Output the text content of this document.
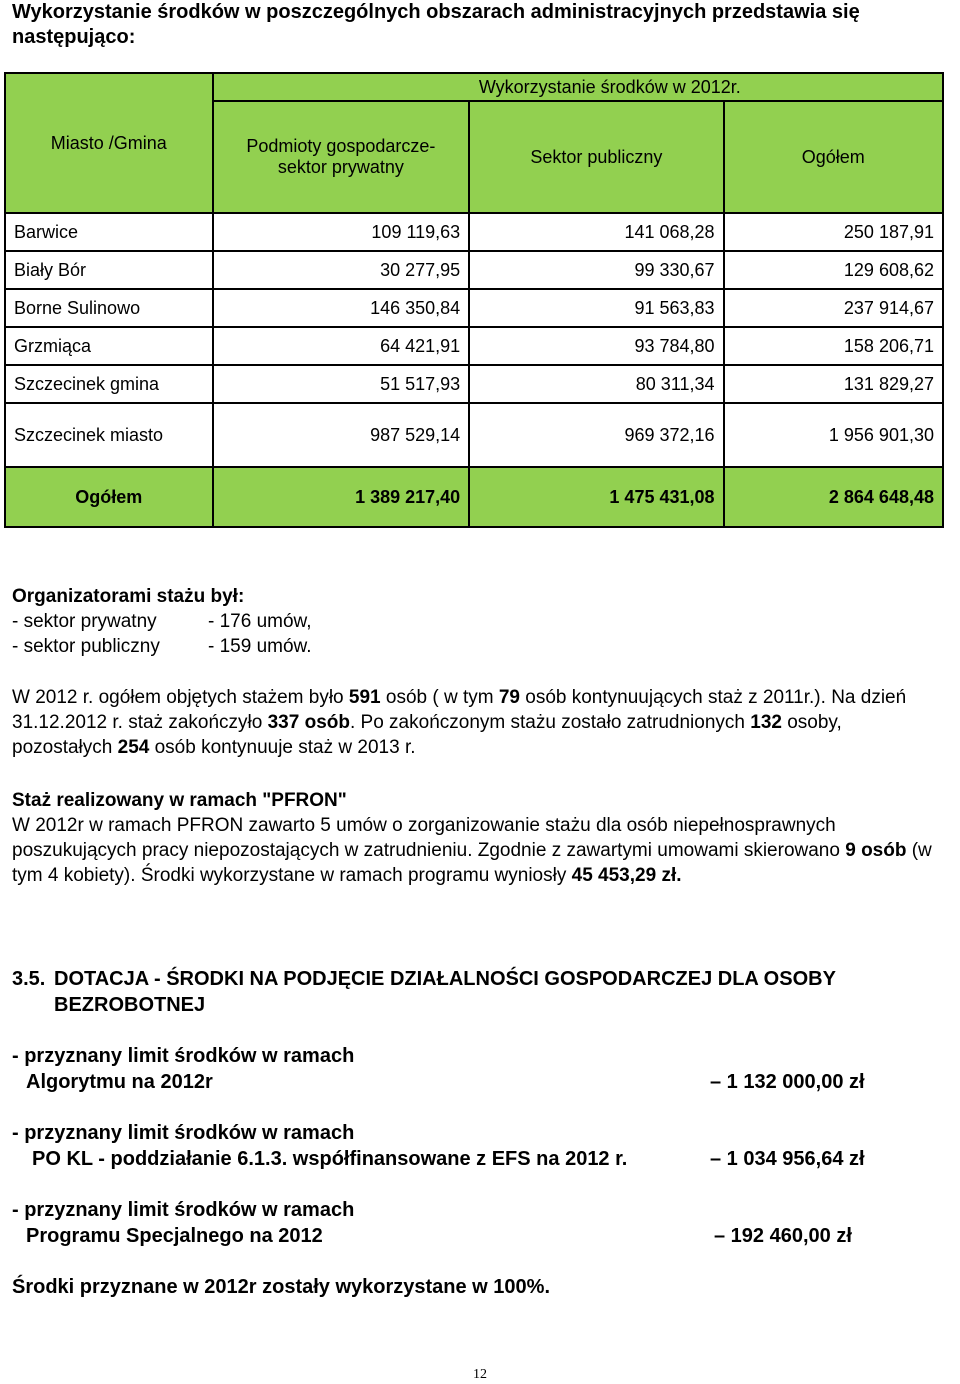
Wykorzystanie środków w poszczególnych obszarach administracyjnych przedstawia się następująco:
Miasto /Gmina	Wykorzystanie środków w 2012r.		
	Podmioty gospodarcze- sektor prywatny	Sektor publiczny	Ogółem
Barwice	109 119,63	141 068,28	250 187,91
Biały Bór	30 277,95	99 330,67	129 608,62
Borne Sulinowo	146 350,84	91 563,83	237 914,67
Grzmiąca	64 421,91	93 784,80	158 206,71
Szczecinek gmina	51 517,93	80 311,34	131 829,27
Szczecinek miasto	987 529,14	969 372,16	1 956 901,30
Ogółem	1 389 217,40	1 475 431,08	2 864 648,48
Organizatorami stażu był:
- sektor prywatny	- 176 umów,
- sektor publiczny	- 159 umów.
W 2012 r. ogółem objętych stażem było 591 osób ( w tym 79 osób kontynuujących staż z 2011r.). Na dzień 31.12.2012 r. staż zakończyło 337 osób. Po zakończonym stażu zostało zatrudnionych 132 osoby, pozostałych 254 osób kontynuuje staż w 2013 r.
Staż realizowany w ramach "PFRON"
W 2012r w ramach PFRON zawarto 5 umów o zorganizowanie stażu dla osób niepełnosprawnych poszukujących pracy niepozostających w zatrudnieniu. Zgodnie z zawartymi umowami skierowano 9 osób (w tym 4 kobiety). Środki wykorzystane w ramach programu wyniosły 45 453,29 zł.
3.5. DOTACJA - ŚRODKI NA PODJĘCIE DZIAŁALNOŚCI GOSPODARCZEJ DLA OSOBY
BEZROBOTNEJ
- przyznany limit środków w ramach
Algorytmu na 2012r	– 1 132 000,00 zł
- przyznany limit środków w ramach
PO KL - poddziałanie 6.1.3. współfinansowane z EFS na 2012 r.	– 1 034 956,64 zł
- przyznany limit środków w ramach
Programu Specjalnego na 2012	– 192 460,00 zł
Środki przyznane w 2012r zostały wykorzystane w 100%.
12
